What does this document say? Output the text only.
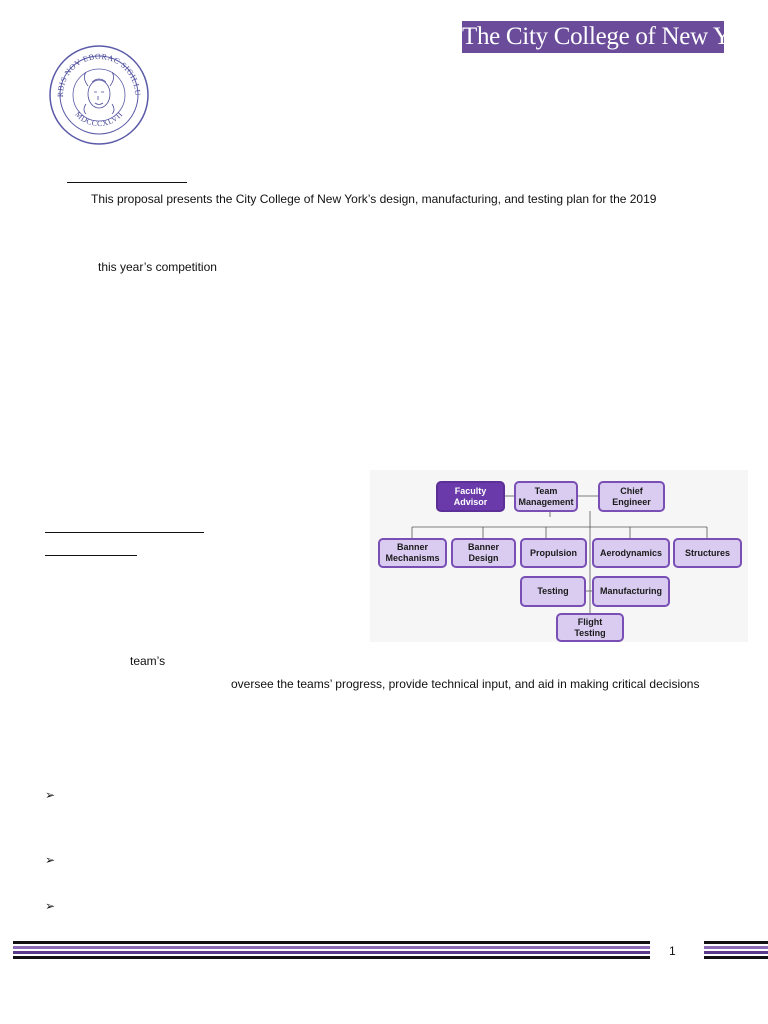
RBIS NOV EBORAC SIGILLU
MDCCCXLVII
The City College of New York
This proposal presents the City College of New York’s design, manufacturing, and testing plan for the 2019
this year’s competition
team’s
oversee the teams’ progress, provide technical input, and aid in making critical decisions
Faculty
Advisor
Team
Management
Chief
Engineer
Banner
Mechanisms
Banner
Design
Propulsion	Aerodynamics	Structures
Testing	Manufacturing
Flight
Testing
➢
➢
➢
1
